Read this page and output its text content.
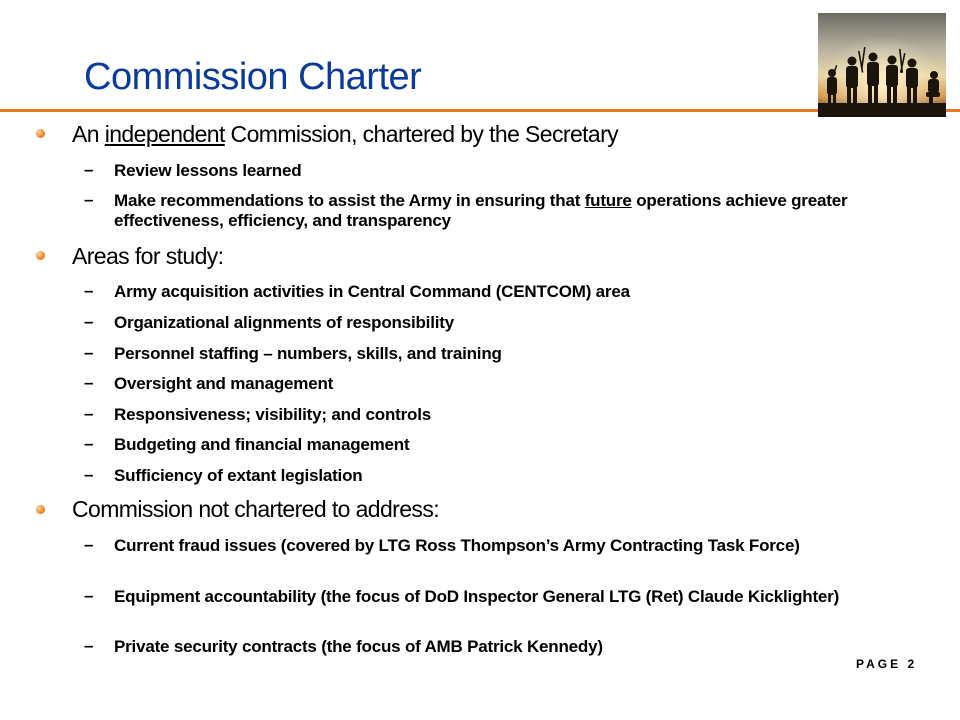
Commission Charter
An independent Commission, chartered by the Secretary
– Review lessons learned
– Make recommendations to assist the Army in ensuring that future operations achieve greater effectiveness, efficiency, and transparency
Areas for study:
– Army acquisition activities in Central Command (CENTCOM) area
– Organizational alignments of responsibility
– Personnel staffing – numbers, skills, and training
– Oversight and management
– Responsiveness; visibility; and controls
– Budgeting and financial management
– Sufficiency of extant legislation
Commission not chartered to address:
– Current fraud issues (covered by LTG Ross Thompson’s Army Contracting Task Force)
– Equipment accountability (the focus of DoD Inspector General LTG (Ret) Claude Kicklighter)
– Private security contracts (the focus of AMB Patrick Kennedy)
PAGE 2
